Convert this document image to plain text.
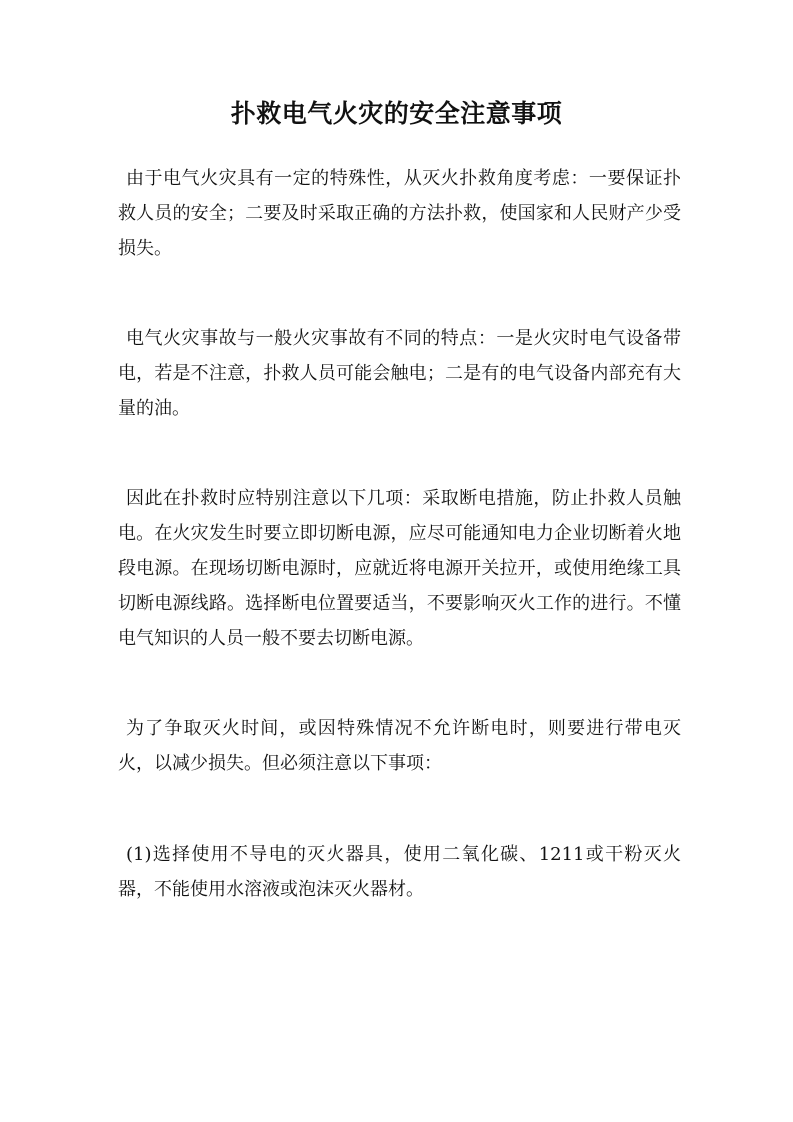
扑救电气火灾的安全注意事项

由于电气火灾具有一定的特殊性，从灭火扑救角度考虑：一要保证扑救人员的安全；二要及时采取正确的方法扑救，使国家和人民财产少受损失。

电气火灾事故与一般火灾事故有不同的特点：一是火灾时电气设备带电，若是不注意，扑救人员可能会触电；二是有的电气设备内部充有大量的油。

因此在扑救时应特别注意以下几项：采取断电措施，防止扑救人员触电。在火灾发生时要立即切断电源，应尽可能通知电力企业切断着火地段电源。在现场切断电源时，应就近将电源开关拉开，或使用绝缘工具切断电源线路。选择断电位置要适当，不要影响灭火工作的进行。不懂电气知识的人员一般不要去切断电源。

为了争取灭火时间，或因特殊情况不允许断电时，则要进行带电灭火，以减少损失。但必须注意以下事项：

(1)选择使用不导电的灭火器具，使用二氧化碳、1211或干粉灭火器，不能使用水溶液或泡沫灭火器材。
